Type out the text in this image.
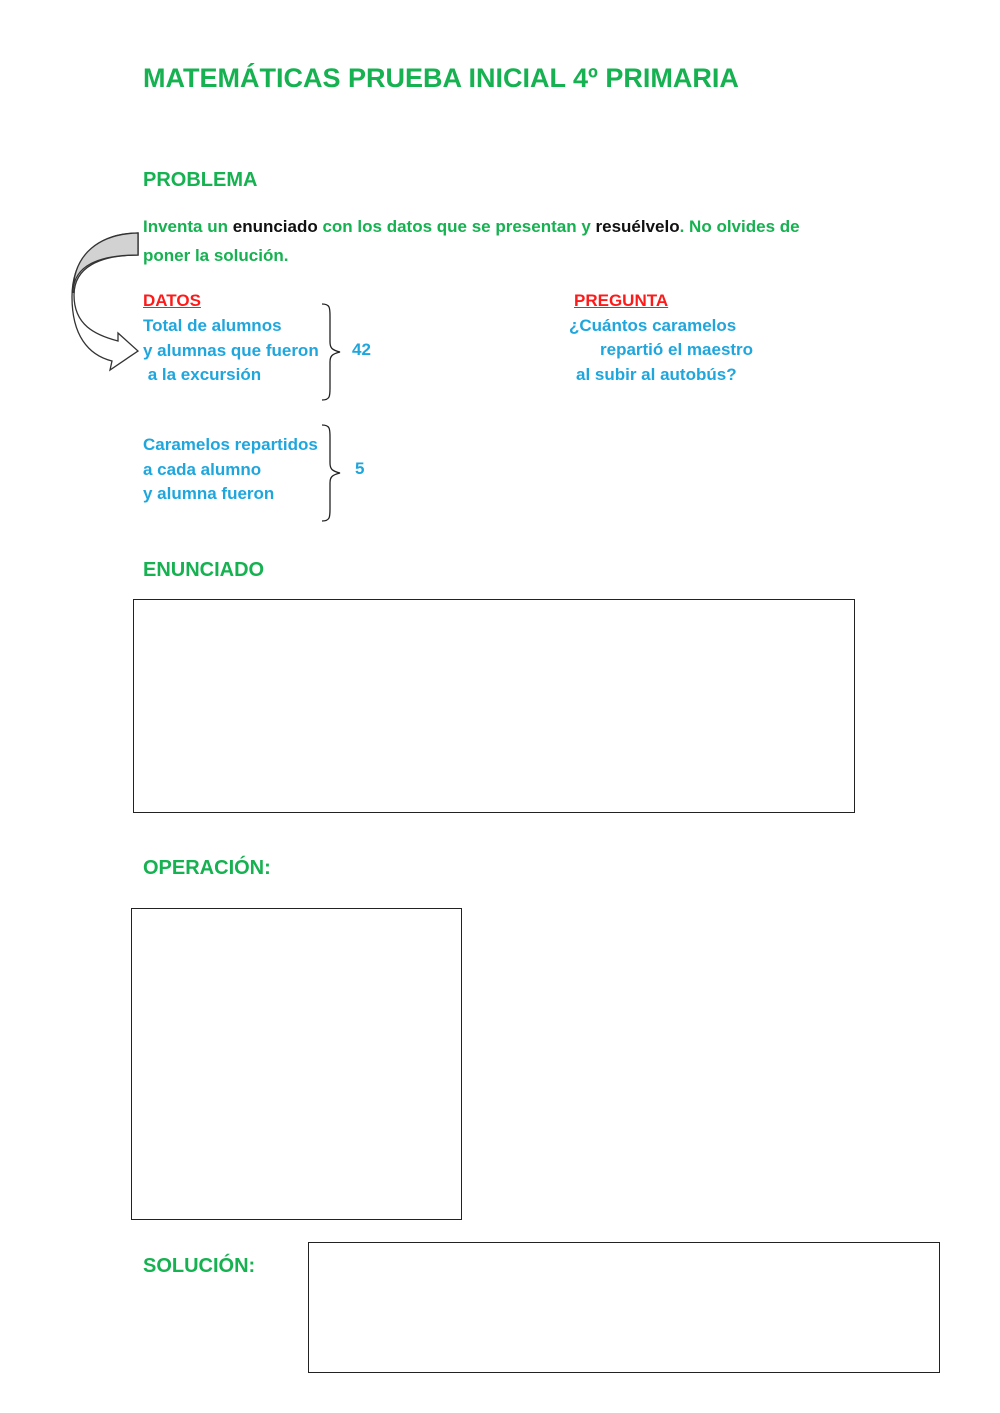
MATEMÁTICAS PRUEBA INICIAL 4º PRIMARIA
PROBLEMA
Inventa un enunciado con los datos que se presentan y resuélvelo. No olvides de
poner la solución.
DATOS
Total de alumnos
y alumnas que fueron
a la excursión
42
Caramelos repartidos
a cada alumno
y alumna fueron
5
PREGUNTA
¿Cuántos caramelos
repartió el maestro
al subir al autobús?
ENUNCIADO
OPERACIÓN:
SOLUCIÓN:
